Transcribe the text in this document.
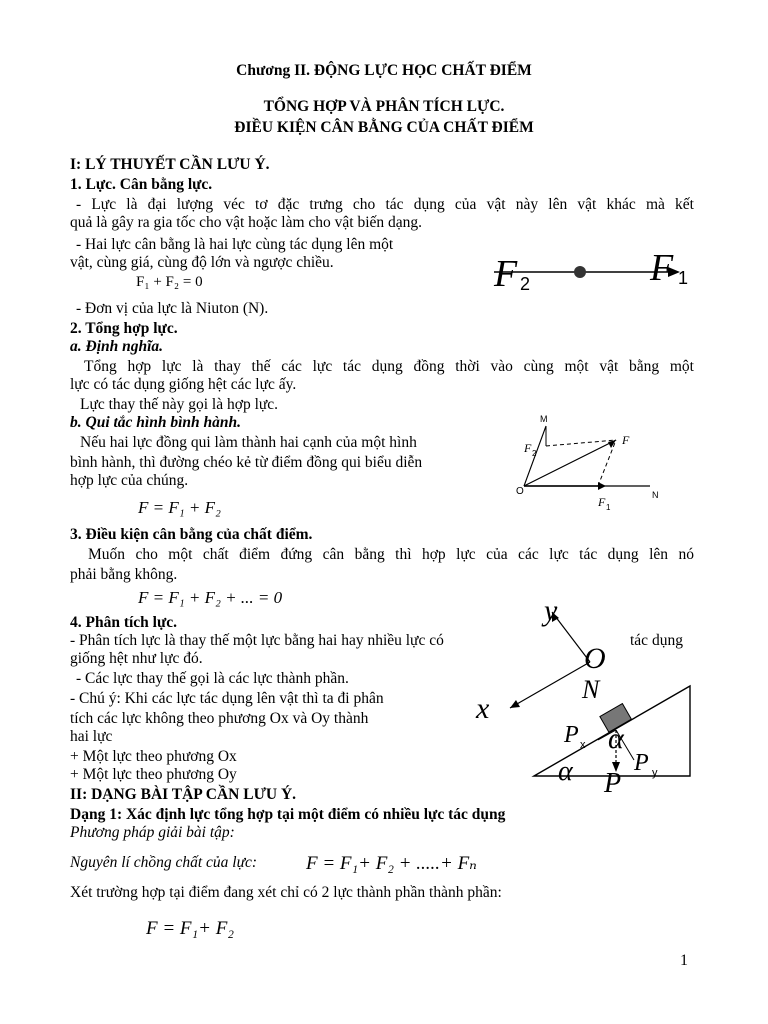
Chương II. ĐỘNG LỰC HỌC CHẤT ĐIỂM
TỔNG HỢP VÀ PHÂN TÍCH LỰC.
ĐIỀU KIỆN CÂN BẰNG CỦA CHẤT ĐIỂM
I: LÝ THUYẾT CẦN LƯU Ý.
1. Lực. Cân bằng lực.
- Lực là đại lượng véc tơ đặc trưng cho tác dụng của vật này lên vật khác mà kết
quả là gây ra gia tốc cho vật hoặc làm cho vật biến dạng.
- Hai lực cân bằng là hai lực cùng tác dụng lên một
vật, cùng giá, cùng độ lớn và ngược chiều.
F₁ + F₂ = 0
- Đơn vị của lực là Niuton (N).
F 2	F 1
2. Tổng hợp lực.
a. Định nghĩa.
Tổng hợp lực là thay thế các lực tác dụng đồng thời vào cùng một vật bằng một
lực có tác dụng giống hệt các lực ấy.
Lực thay thế này gọi là hợp lực.
b. Qui tắc hình bình hành.
Nếu hai lực đồng qui làm thành hai cạnh của một hình
bình hành, thì đường chéo kẻ từ điểm đồng qui biểu diễn
hợp lực của chúng.
F = F₁ + F₂
M
O	N
F
F 2
F 1
3. Điều kiện cân bằng của chất điểm.
Muốn cho một chất điểm đứng cân bằng thì hợp lực của các lực tác dụng lên nó
phải bằng không.
F = F₁ + F₂ + ... = 0
4. Phân tích lực.
- Phân tích lực là thay thế một lực bằng hai hay nhiều lực có	tác dụng
giống hệt như lực đó.
- Các lực thay thế gọi là các lực thành phần.
- Chú ý: Khi các lực tác dụng lên vật thì ta đi phân
tích các lực không theo phương Ox và Oy thành
hai lực
+ Một lực theo phương Ox
+ Một lực theo phương Oy
y
x
O
N
P x α
P y
α P
II: DẠNG BÀI TẬP CẦN LƯU Ý.
Dạng 1: Xác định lực tổng hợp tại một điểm có nhiều lực tác dụng
Phương pháp giải bài tập:
Nguyên lí chồng chất của lực:	F = F₁+ F₂ + .....+ Fₙ
Xét trường hợp tại điểm đang xét chỉ có 2 lực thành phần thành phần:
F = F₁+ F₂
1
